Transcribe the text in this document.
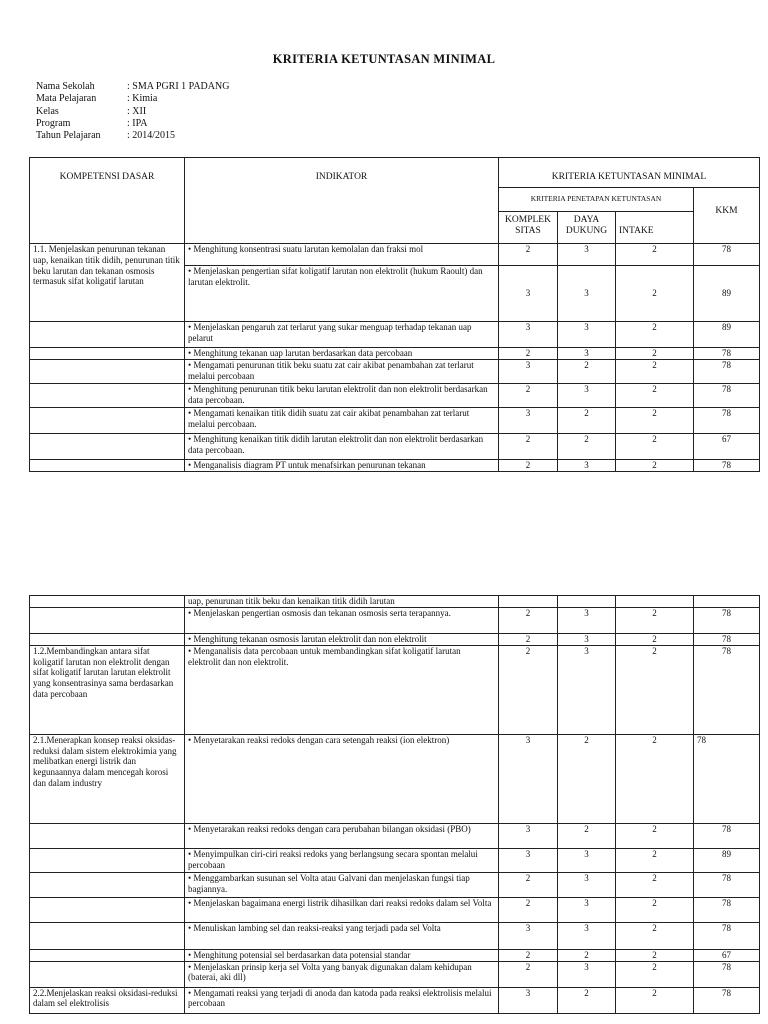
KRITERIA KETUNTASAN MINIMAL
Nama Sekolah	: SMA PGRI 1 PADANG
Mata Pelajaran	: Kimia
Kelas	: XII
Program	: IPA
Tahun Pelajaran	: 2014/2015
KOMPETENSI DASAR	INDIKATOR	KRITERIA KETUNTASAN MINIMAL			
		KRITERIA PENETAPAN KETUNTASAN			KKM
		KOMPLEK SITAS	DAYA DUKUNG	INTAKE	
1.1. Menjelaskan penurunan tekanan uap, kenaikan titik didih, penurunan titik beku larutan dan tekanan osmosis termasuk sifat koligatif larutan	• Menghitung konsentrasi suatu larutan kemolalan dan fraksi mol	2	3	2	78
	• Menjelaskan pengertian sifat koligatif larutan non elektrolit (hukum Raoult) dan larutan elektrolit.	3	3	2	89
	• Menjelaskan pengaruh zat terlarut yang sukar menguap terhadap tekanan uap pelarut	3	3	2	89
	• Menghitung tekanan uap larutan berdasarkan data percobaan	2	3	2	78
	• Mengamati penurunan titik beku suatu zat cair akibat penambahan zat terlarut melalui percobaan	3	2	2	78
	• Menghitung penurunan titik beku larutan elektrolit dan non elektrolit berdasarkan data percobaan.	2	3	2	78
	• Mengamati kenaikan titik didih suatu zat cair akibat penambahan zat terlarut melalui percobaan.	3	2	2	78
	• Menghitung kenaikan titik didih larutan elektrolit dan non elektrolit berdasarkan data percobaan.	2	2	2	67
	• Menganalisis diagram PT untuk menafsirkan penurunan tekanan	2	3	2	78
	uap, penurunan titik beku dan kenaikan titik didih larutan				
	• Menjelaskan pengertian osmosis dan tekanan osmosis serta terapannya.	2	3	2	78
	• Menghitung tekanan osmosis larutan elektrolit dan non elektrolit	2	3	2	78
1.2.Membandingkan antara sifat koligatif larutan non elektrolit dengan sifat koligatif larutan larutan elektrolit yang konsentrasinya sama berdasarkan data percobaan	• Menganalisis data percobaan untuk membandingkan sifat koligatif larutan elektrolit dan non elektrolit.	2	3	2	78
2.1.Menerapkan konsep reaksi oksidas-reduksi dalam sistem elektrokimia yang melibatkan energi listrik dan kegunaannya dalam mencegah korosi dan dalam industry	• Menyetarakan reaksi redoks dengan cara setengah reaksi (ion elektron)	3	2	2	78
	• Menyetarakan reaksi redoks dengan cara perubahan bilangan oksidasi (PBO)	3	2	2	78
	• Menyimpulkan ciri-ciri reaksi redoks yang berlangsung secara spontan melalui percobaan	3	3	2	89
	• Menggambarkan susunan sel Volta atau Galvani dan menjelaskan fungsi tiap bagiannya.	2	3	2	78
	• Menjelaskan bagaimana energi listrik dihasilkan dari reaksi redoks dalam sel Volta	2	3	2	78
	• Menuliskan lambing sel dan reaksi-reaksi yang terjadi pada sel Volta	3	3	2	78
	• Menghitung potensial sel berdasarkan data potensial standar	2	2	2	67
	• Menjelaskan prinsip kerja sel Volta yang banyak digunakan dalam kehidupan (baterai, aki dll)	2	3	2	78
2.2.Menjelaskan reaksi oksidasi-reduksi dalam sel elektrolisis	• Mengamati reaksi yang terjadi di anoda dan katoda pada reaksi elektrolisis melalui percobaan	3	2	2	78
